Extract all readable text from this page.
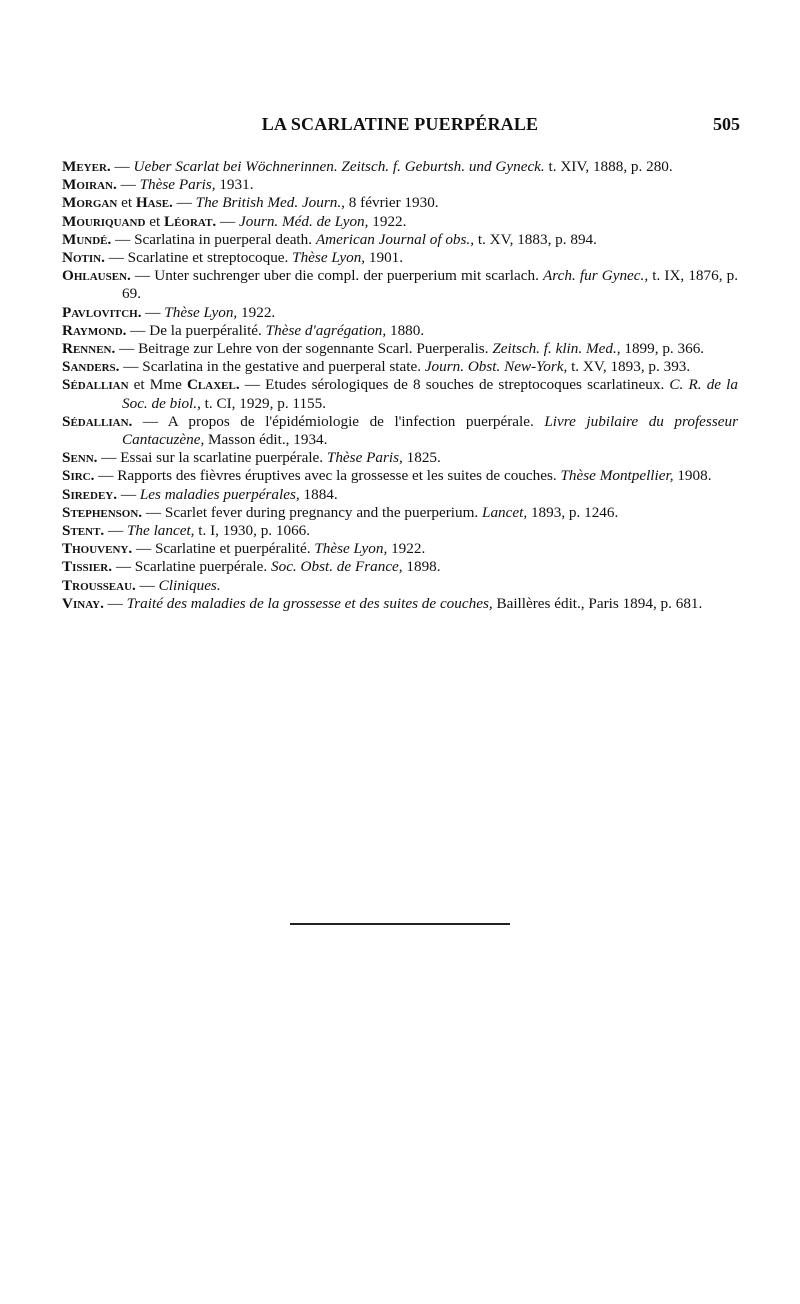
LA SCARLATINE PUERPÉRALE	505
Meyer. — Ueber Scarlat bei Wöchnerinnen. Zeitsch. f. Geburtsh. und Gyneck. t. XIV, 1888, p. 280.
Moiran. — Thèse Paris, 1931.
Morgan et Hase. — The British Med. Journ., 8 février 1930.
Mouriquand et Léorat. — Journ. Méd. de Lyon, 1922.
Mundé. — Scarlatina in puerperal death. American Journal of obs., t. XV, 1883, p. 894.
Notin. — Scarlatine et streptocoque. Thèse Lyon, 1901.
Ohlausen. — Unter suchrenger uber die compl. der puerperium mit scarlach. Arch. fur Gynec., t. IX, 1876, p. 69.
Pavlovitch. — Thèse Lyon, 1922.
Raymond. — De la puerpéralité. Thèse d'agrégation, 1880.
Rennen. — Beitrage zur Lehre von der sogennante Scarl. Puerperalis. Zeitsch. f. klin. Med., 1899, p. 366.
Sanders. — Scarlatina in the gestative and puerperal state. Journ. Obst. New-York, t. XV, 1893, p. 393.
Sédallian et Mme Claxel. — Etudes sérologiques de 8 souches de streptocoques scarlatineux. C. R. de la Soc. de biol., t. CI, 1929, p. 1155.
Sédallian. — A propos de l'épidémiologie de l'infection puerpérale. Livre jubilaire du professeur Cantacuzène, Masson édit., 1934.
Senn. — Essai sur la scarlatine puerpérale. Thèse Paris, 1825.
Sirc. — Rapports des fièvres éruptives avec la grossesse et les suites de couches. Thèse Montpellier, 1908.
Siredey. — Les maladies puerpérales, 1884.
Stephenson. — Scarlet fever during pregnancy and the puerperium. Lancet, 1893, p. 1246.
Stent. — The lancet, t. I, 1930, p. 1066.
Thouveny. — Scarlatine et puerpéralité. Thèse Lyon, 1922.
Tissier. — Scarlatine puerpérale. Soc. Obst. de France, 1898.
Trousseau. — Cliniques.
Vinay. — Traité des maladies de la grossesse et des suites de couches, Baillères édit., Paris 1894, p. 681.
